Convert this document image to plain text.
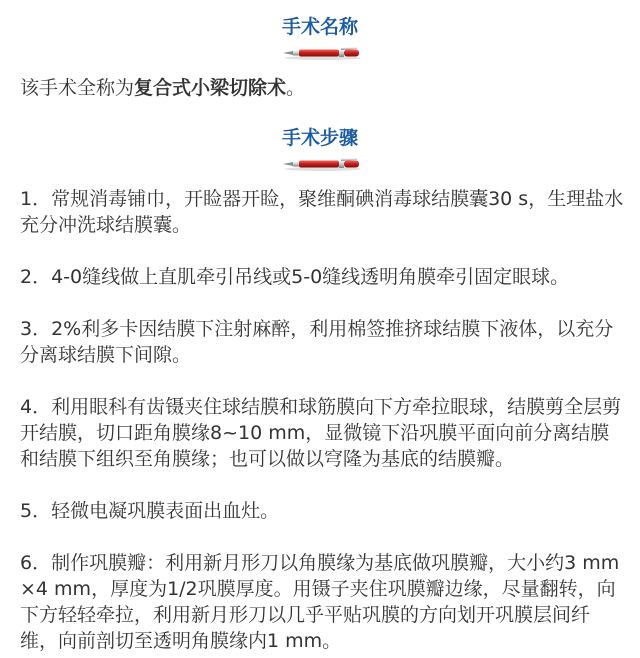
手术名称

该手术全称为复合式小梁切除术。

手术步骤

1．常规消毒铺巾，开睑器开睑，聚维酮碘消毒球结膜囊30 s，生理盐水充分冲洗球结膜囊。

2．4-0缝线做上直肌牵引吊线或5-0缝线透明角膜牵引固定眼球。

3．2%利多卡因结膜下注射麻醉，利用棉签推挤球结膜下液体，以充分分离球结膜下间隙。

4．利用眼科有齿镊夹住球结膜和球筋膜向下方牵拉眼球，结膜剪全层剪开结膜，切口距角膜缘8~10 mm，显微镜下沿巩膜平面向前分离结膜和结膜下组织至角膜缘；也可以做以穹隆为基底的结膜瓣。

5．轻微电凝巩膜表面出血灶。

6．制作巩膜瓣：利用新月形刀以角膜缘为基底做巩膜瓣，大小约3 mm×4 mm，厚度为1/2巩膜厚度。用镊子夹住巩膜瓣边缘，尽量翻转，向下方轻轻牵拉，利用新月形刀以几乎平贴巩膜的方向划开巩膜层间纤维，向前剖切至透明角膜缘内1 mm。
